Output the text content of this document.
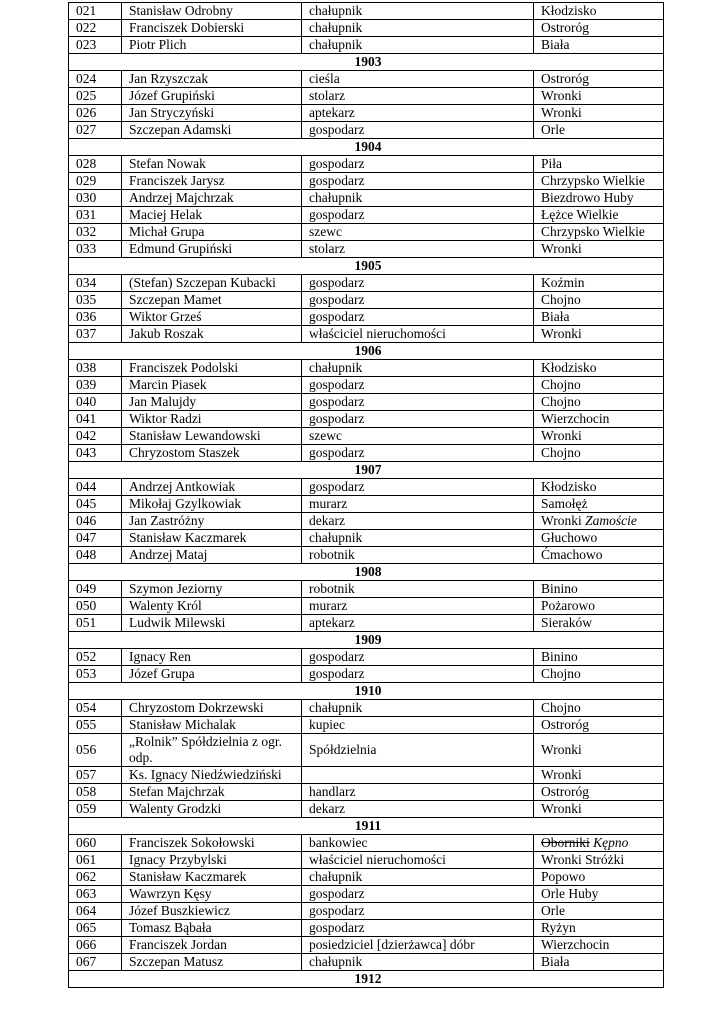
021	Stanisław Odrobny	chałupnik	Kłodzisko
022	Franciszek Dobierski	chałupnik	Ostroróg
023	Piotr Plich	chałupnik	Biała
1903			
024	Jan Rzyszczak	cieśla	Ostroróg
025	Józef Grupiński	stolarz	Wronki
026	Jan Stryczyński	aptekarz	Wronki
027	Szczepan Adamski	gospodarz	Orle
1904			
028	Stefan Nowak	gospodarz	Piła
029	Franciszek Jarysz	gospodarz	Chrzypsko Wielkie
030	Andrzej Majchrzak	chałupnik	Biezdrowo Huby
031	Maciej Helak	gospodarz	Łężce Wielkie
032	Michał Grupa	szewc	Chrzypsko Wielkie
033	Edmund Grupiński	stolarz	Wronki
1905			
034	(Stefan) Szczepan Kubacki	gospodarz	Koźmin
035	Szczepan Mamet	gospodarz	Chojno
036	Wiktor Grześ	gospodarz	Biała
037	Jakub Roszak	właściciel nieruchomości	Wronki
1906			
038	Franciszek Podolski	chałupnik	Kłodzisko
039	Marcin Piasek	gospodarz	Chojno
040	Jan Malujdy	gospodarz	Chojno
041	Wiktor Radzi	gospodarz	Wierzchocin
042	Stanisław Lewandowski	szewc	Wronki
043	Chryzostom Staszek	gospodarz	Chojno
1907			
044	Andrzej Antkowiak	gospodarz	Kłodzisko
045	Mikołaj Gzylkowiak	murarz	Samołęż
046	Jan Zastróżny	dekarz	Wronki Zamoście
047	Stanisław Kaczmarek	chałupnik	Głuchowo
048	Andrzej Mataj	robotnik	Ćmachowo
1908			
049	Szymon Jeziorny	robotnik	Binino
050	Walenty Król	murarz	Pożarowo
051	Ludwik Milewski	aptekarz	Sieraków
1909			
052	Ignacy Ren	gospodarz	Binino
053	Józef Grupa	gospodarz	Chojno
1910			
054	Chryzostom Dokrzewski	chałupnik	Chojno
055	Stanisław Michalak	kupiec	Ostroróg
056	„Rolnik” Spółdzielnia z ogr. odp.	Spółdzielnia	Wronki
057	Ks. Ignacy Niedźwiedziński		Wronki
058	Stefan Majchrzak	handlarz	Ostroróg
059	Walenty Grodzki	dekarz	Wronki
1911			
060	Franciszek Sokołowski	bankowiec	Oborniki Kępno
061	Ignacy Przybylski	właściciel nieruchomości	Wronki Stróżki
062	Stanisław Kaczmarek	chałupnik	Popowo
063	Wawrzyn Kęsy	gospodarz	Orle Huby
064	Józef Buszkiewicz	gospodarz	Orle
065	Tomasz Bąbała	gospodarz	Ryżyn
066	Franciszek Jordan	posiedziciel [dzierżawca] dóbr	Wierzchocin
067	Szczepan Matusz	chałupnik	Biała
1912			
